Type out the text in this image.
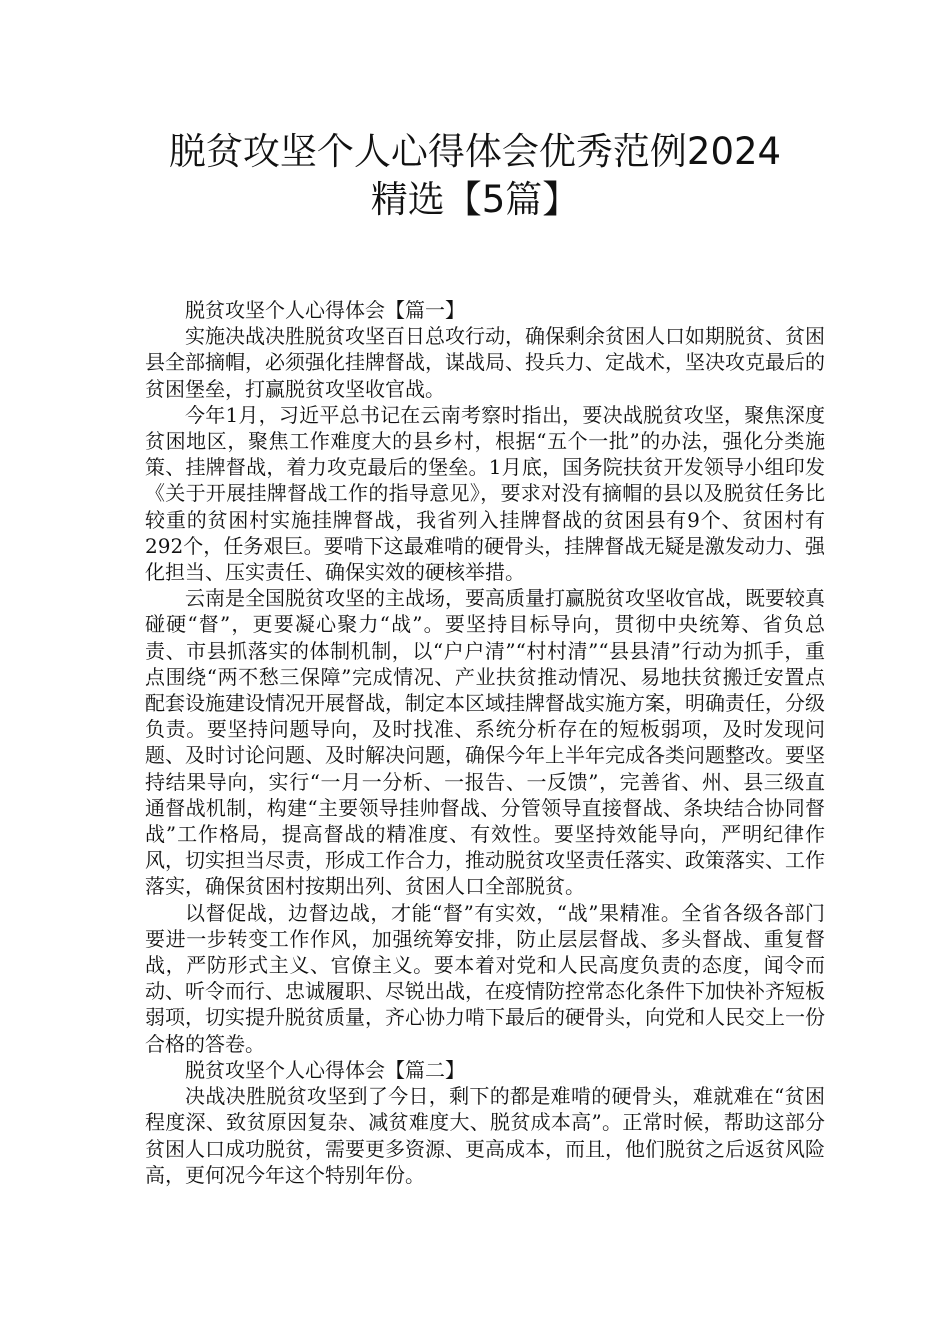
脱贫攻坚个人心得体会优秀范例2024
精选【5篇】

脱贫攻坚个人心得体会【篇一】

实施决战决胜脱贫攻坚百日总攻行动，确保剩余贫困人口如期脱贫、贫困县全部摘帽，必须强化挂牌督战，谋战局、投兵力、定战术，坚决攻克最后的贫困堡垒，打赢脱贫攻坚收官战。

今年1月，习近平总书记在云南考察时指出，要决战脱贫攻坚，聚焦深度贫困地区，聚焦工作难度大的县乡村，根据“五个一批”的办法，强化分类施策、挂牌督战，着力攻克最后的堡垒。1月底，国务院扶贫开发领导小组印发《关于开展挂牌督战工作的指导意见》，要求对没有摘帽的县以及脱贫任务比较重的贫困村实施挂牌督战，我省列入挂牌督战的贫困县有9个、贫困村有292个，任务艰巨。要啃下这最难啃的硬骨头，挂牌督战无疑是激发动力、强化担当、压实责任、确保实效的硬核举措。

云南是全国脱贫攻坚的主战场，要高质量打赢脱贫攻坚收官战，既要较真碰硬“督”，更要凝心聚力“战”。要坚持目标导向，贯彻中央统筹、省负总责、市县抓落实的体制机制，以“户户清”“村村清”“县县清”行动为抓手，重点围绕“两不愁三保障”完成情况、产业扶贫推动情况、易地扶贫搬迁安置点配套设施建设情况开展督战，制定本区域挂牌督战实施方案，明确责任，分级负责。要坚持问题导向，及时找准、系统分析存在的短板弱项，及时发现问题、及时讨论问题、及时解决问题，确保今年上半年完成各类问题整改。要坚持结果导向，实行“一月一分析、一报告、一反馈”，完善省、州、县三级直通督战机制，构建“主要领导挂帅督战、分管领导直接督战、条块结合协同督战”工作格局，提高督战的精准度、有效性。要坚持效能导向，严明纪律作风，切实担当尽责，形成工作合力，推动脱贫攻坚责任落实、政策落实、工作落实，确保贫困村按期出列、贫困人口全部脱贫。

以督促战，边督边战，才能“督”有实效，“战”果精准。全省各级各部门要进一步转变工作作风，加强统筹安排，防止层层督战、多头督战、重复督战，严防形式主义、官僚主义。要本着对党和人民高度负责的态度，闻令而动、听令而行、忠诚履职、尽锐出战，在疫情防控常态化条件下加快补齐短板弱项，切实提升脱贫质量，齐心协力啃下最后的硬骨头，向党和人民交上一份合格的答卷。

脱贫攻坚个人心得体会【篇二】

决战决胜脱贫攻坚到了今日，剩下的都是难啃的硬骨头，难就难在“贫困程度深、致贫原因复杂、减贫难度大、脱贫成本高”。正常时候，帮助这部分贫困人口成功脱贫，需要更多资源、更高成本，而且，他们脱贫之后返贫风险高，更何况今年这个特别年份。
